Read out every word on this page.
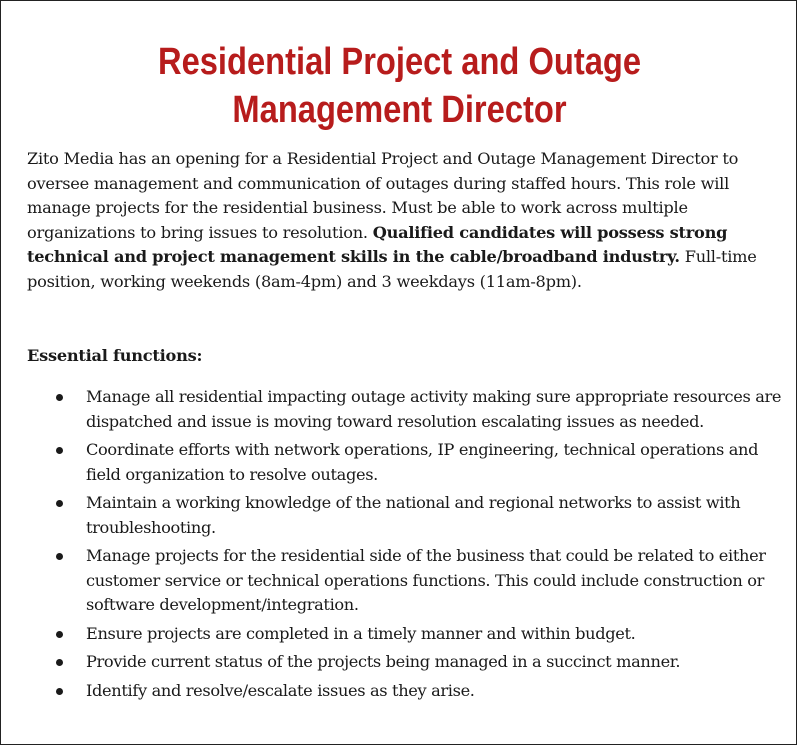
Residential Project and Outage
Management Director

Zito Media has an opening for a Residential Project and Outage Management Director to oversee management and communication of outages during staffed hours. This role will manage projects for the residential business. Must be able to work across multiple organizations to bring issues to resolution. Qualified candidates will possess strong technical and project management skills in the cable/broadband industry. Full-time position, working weekends (8am-4pm) and 3 weekdays (11am-8pm).

Essential functions:
Manage all residential impacting outage activity making sure appropriate resources are dispatched and issue is moving toward resolution escalating issues as needed.
Coordinate efforts with network operations, IP engineering, technical operations and field organization to resolve outages.
Maintain a working knowledge of the national and regional networks to assist with troubleshooting.
Manage projects for the residential side of the business that could be related to either customer service or technical operations functions. This could include construction or software development/integration.
Ensure projects are completed in a timely manner and within budget.
Provide current status of the projects being managed in a succinct manner.
Identify and resolve/escalate issues as they arise.
